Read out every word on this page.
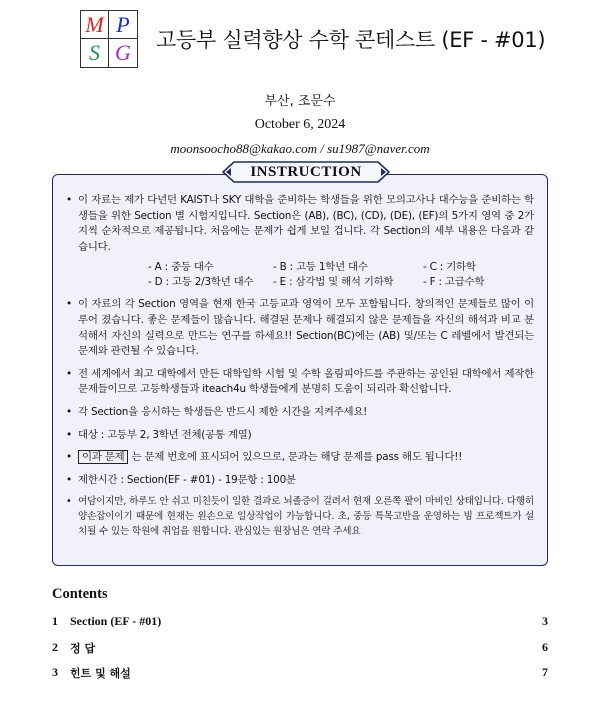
M P
S G 고등부 실력향상 수학 콘테스트 (EF - #01)
부산, 조문수
October 6, 2024
moonsoocho88@kakao.com / su1987@naver.com
INSTRUCTION
• 이 자료는 제가 다년던 KAIST나 SKY 대학을 준비하는 학생들을 위한 모의고사나 대수능을 준비하는 학생들을 위한 Section 별 시험지입니다. Section은 (AB), (BC), (CD), (DE), (EF)의 5가지 영역 중 2가지씩 순차적으로 제공됩니다. 처음에는 문제가 쉽게 보일 겁니다. 각 Section의 세부 내용은 다음과 같습니다.
- A : 중등 대수	- B : 고등 1학년 대수	- C : 기하학
- D : 고등 2/3학년 대수	- E : 삼각법 및 해석 기하학	- F : 고급수학
• 이 자료의 각 Section 영역을 현재 한국 고등교과 영역이 모두 포함됩니다. 창의적인 문제들로 많이 이루어 졌습니다. 좋은 문제들이 많습니다. 해결된 문제나 해결되지 않은 문제들을 자신의 해석과 비교 분석해서 자신의 실력으로 만드는 연구를 하세요!! Section(BC)에는 (AB) 및/또는 C 레벨에서 발견되는 문제와 관련될 수 있습니다.
• 전 세계에서 최고 대학에서 만든 대학입학 시험 및 수학 올림피아드를 주관하는 공인된 대학에서 제작한 문제들이므로 고등학생들과 iteach4u 학생들에게 분명히 도움이 되리라 확신합니다.
• 각 Section을 응시하는 학생들은 반드시 제한 시간을 지켜주세요!
• 대상 : 고등부 2, 3학년 전체(공통 계열)
• 이과 문제 는 문제 번호에 표시되어 있으므로, 문과는 해당 문제를 pass 해도 됩니다!!
• 제한시간 : Section(EF - #01) - 19문항 : 100분
• 여담이지만, 하루도 안 쉬고 미친듯이 일한 결과로 뇌졸증이 걸려서 현재 오른쪽 팔이 마비인 상태입니다. 다행히 양손잡이이기 때문에 현재는 왼손으로 일상작업이 가능합니다. 초, 중등 특목고반을 운영하는 빔 프로젝트가 설치될 수 있는 학원에 취업을 원합니다. 관심있는 원장님은 연락 주세요
Contents
1	Section (EF - #01)	3
2	정 답	6
3	힌트 및 해설	7
